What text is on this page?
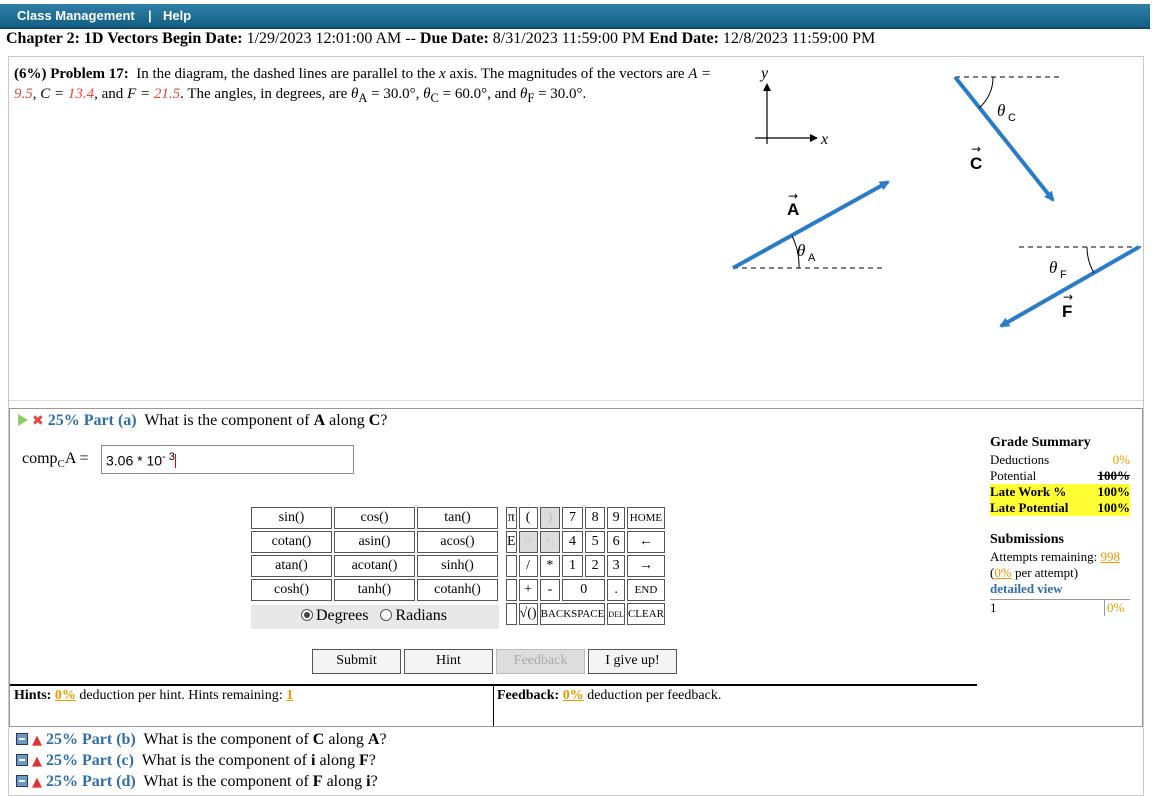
Class Management | Help
Chapter 2: 1D Vectors Begin Date: 1/29/2023 12:01:00 AM -- Due Date: 8/31/2023 11:59:00 PM End Date: 12/8/2023 11:59:00 PM
(6%) Problem 17: In the diagram, the dashed lines are parallel to the x axis. The magnitudes of the vectors are A = 9.5, C = 13.4, and F = 21.5. The angles, in degrees, are $\theta_A = 30.0^\circ$, $\theta_C = 60.0^\circ$, and $\theta_F = 30.0^\circ$.
y
x
A
→
θ A
θ C
C
→
θ F
F
→
✖ 25% Part (a) What is the component of A along C?
comp$_C$A =	$3.06 * 10^{- 3}$
sin()	cos()	tan()
cotan()	asin()	acos()
atan()	acotan()	sinh()
cosh()	tanh()	cotanh()
Degrees Radians
π	(	)	7	8	9	HOME
E	↑^	^↓	4	5	6	←
	/	*	1	2	3	→
	+	-	0		.	END
	√()	BACKSPACE			DEL	CLEAR
Submit	Hint	Feedback	I give up!
Hints: 0% deduction per hint. Hints remaining: 1	Feedback: 0% deduction per feedback.
Grade Summary
Deductions	0%
Potential	100%
Late Work % 100%
Late Potential 100%
Submissions
Attempts remaining: 998
(0% per attempt)
detailed view
1	0%
▲ 25% Part (b) What is the component of C along A?
▲ 25% Part (c) What is the component of i along F?
▲ 25% Part (d) What is the component of F along i?
